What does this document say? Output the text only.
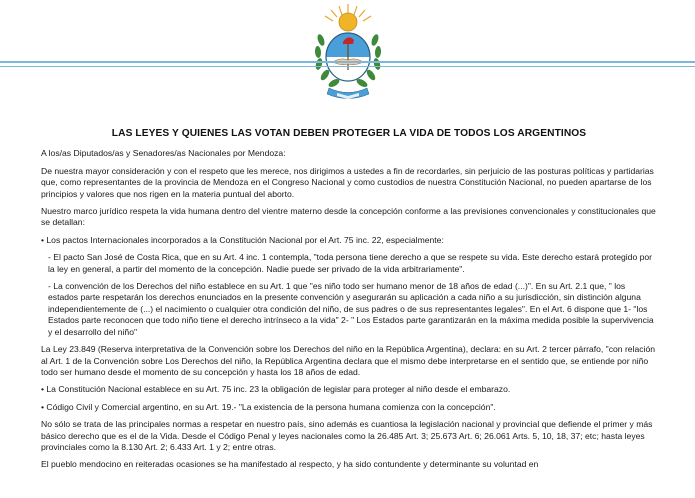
LAS LEYES Y QUIENES LAS VOTAN DEBEN PROTEGER LA VIDA DE TODOS LOS ARGENTINOS

A los/as Diputados/as y Senadores/as Nacionales por Mendoza:

De nuestra mayor consideración y con el respeto que les merece, nos dirigimos a ustedes a fin de recordarles, sin perjuicio de las posturas políticas y partidarias que, como representantes de la provincia de Mendoza en el Congreso Nacional y como custodios de nuestra Constitución Nacional, no pueden apartarse de los principios y valores que nos rigen en la materia puntual del aborto.

Nuestro marco jurídico respeta la vida humana dentro del vientre materno desde la concepción conforme a las previsiones convencionales y constitucionales que se detallan:

• Los pactos Internacionales incorporados a la Constitución Nacional por el Art. 75 inc. 22, especialmente:

- El pacto San José de Costa Rica, que en su Art. 4 inc. 1 contempla, "toda persona tiene derecho a que se respete su vida. Este derecho estará protegido por la ley en general, a partir del momento de la concepción. Nadie puede ser privado de la vida arbitrariamente".

- La convención de los Derechos del niño establece en su Art. 1 que "es niño todo ser humano menor de 18 años de edad (...)". En su Art. 2.1 que, " los estados parte respetarán los derechos enunciados en la presente convención y asegurarán su aplicación a cada niño a su jurisdicción, sin distinción alguna independientemente de (...) el nacimiento o cualquier otra condición del niño, de sus padres o de sus representantes legales". En el Art. 6 dispone que 1- "los Estados parte reconocen que todo niño tiene el derecho intrínseco a la vida" 2- " Los Estados parte garantizarán en la máxima medida posible la supervivencia y el desarrollo del niño"

La Ley 23.849 (Reserva interpretativa de la Convención sobre los Derechos del niño en la República Argentina), declara: en su Art. 2 tercer párrafo, "con relación al Art. 1 de la Convención sobre Los Derechos del niño, la República Argentina declara que el mismo debe interpretarse en el sentido que, se entiende por niño todo ser humano desde el momento de su concepción y hasta los 18 años de edad.

• La Constitución Nacional establece en su Art. 75 inc. 23 la obligación de legislar para proteger al niño desde el embarazo.

• Código Civil y Comercial argentino, en su Art. 19.- "La existencia de la persona humana comienza con la concepción".

No sólo se trata de las principales normas a respetar en nuestro país, sino además es cuantiosa la legislación nacional y provincial que defiende el primer y más básico derecho que es el de la Vida. Desde el Código Penal y leyes nacionales como la 26.485 Art. 3; 25.673 Art. 6; 26.061 Arts. 5, 10, 18, 37; etc; hasta leyes provinciales como la 8.130 Art. 2; 6.433 Art. 1 y 2; entre otras.

El pueblo mendocino en reiteradas ocasiones se ha manifestado al respecto, y ha sido contundente y determinante su voluntad en
